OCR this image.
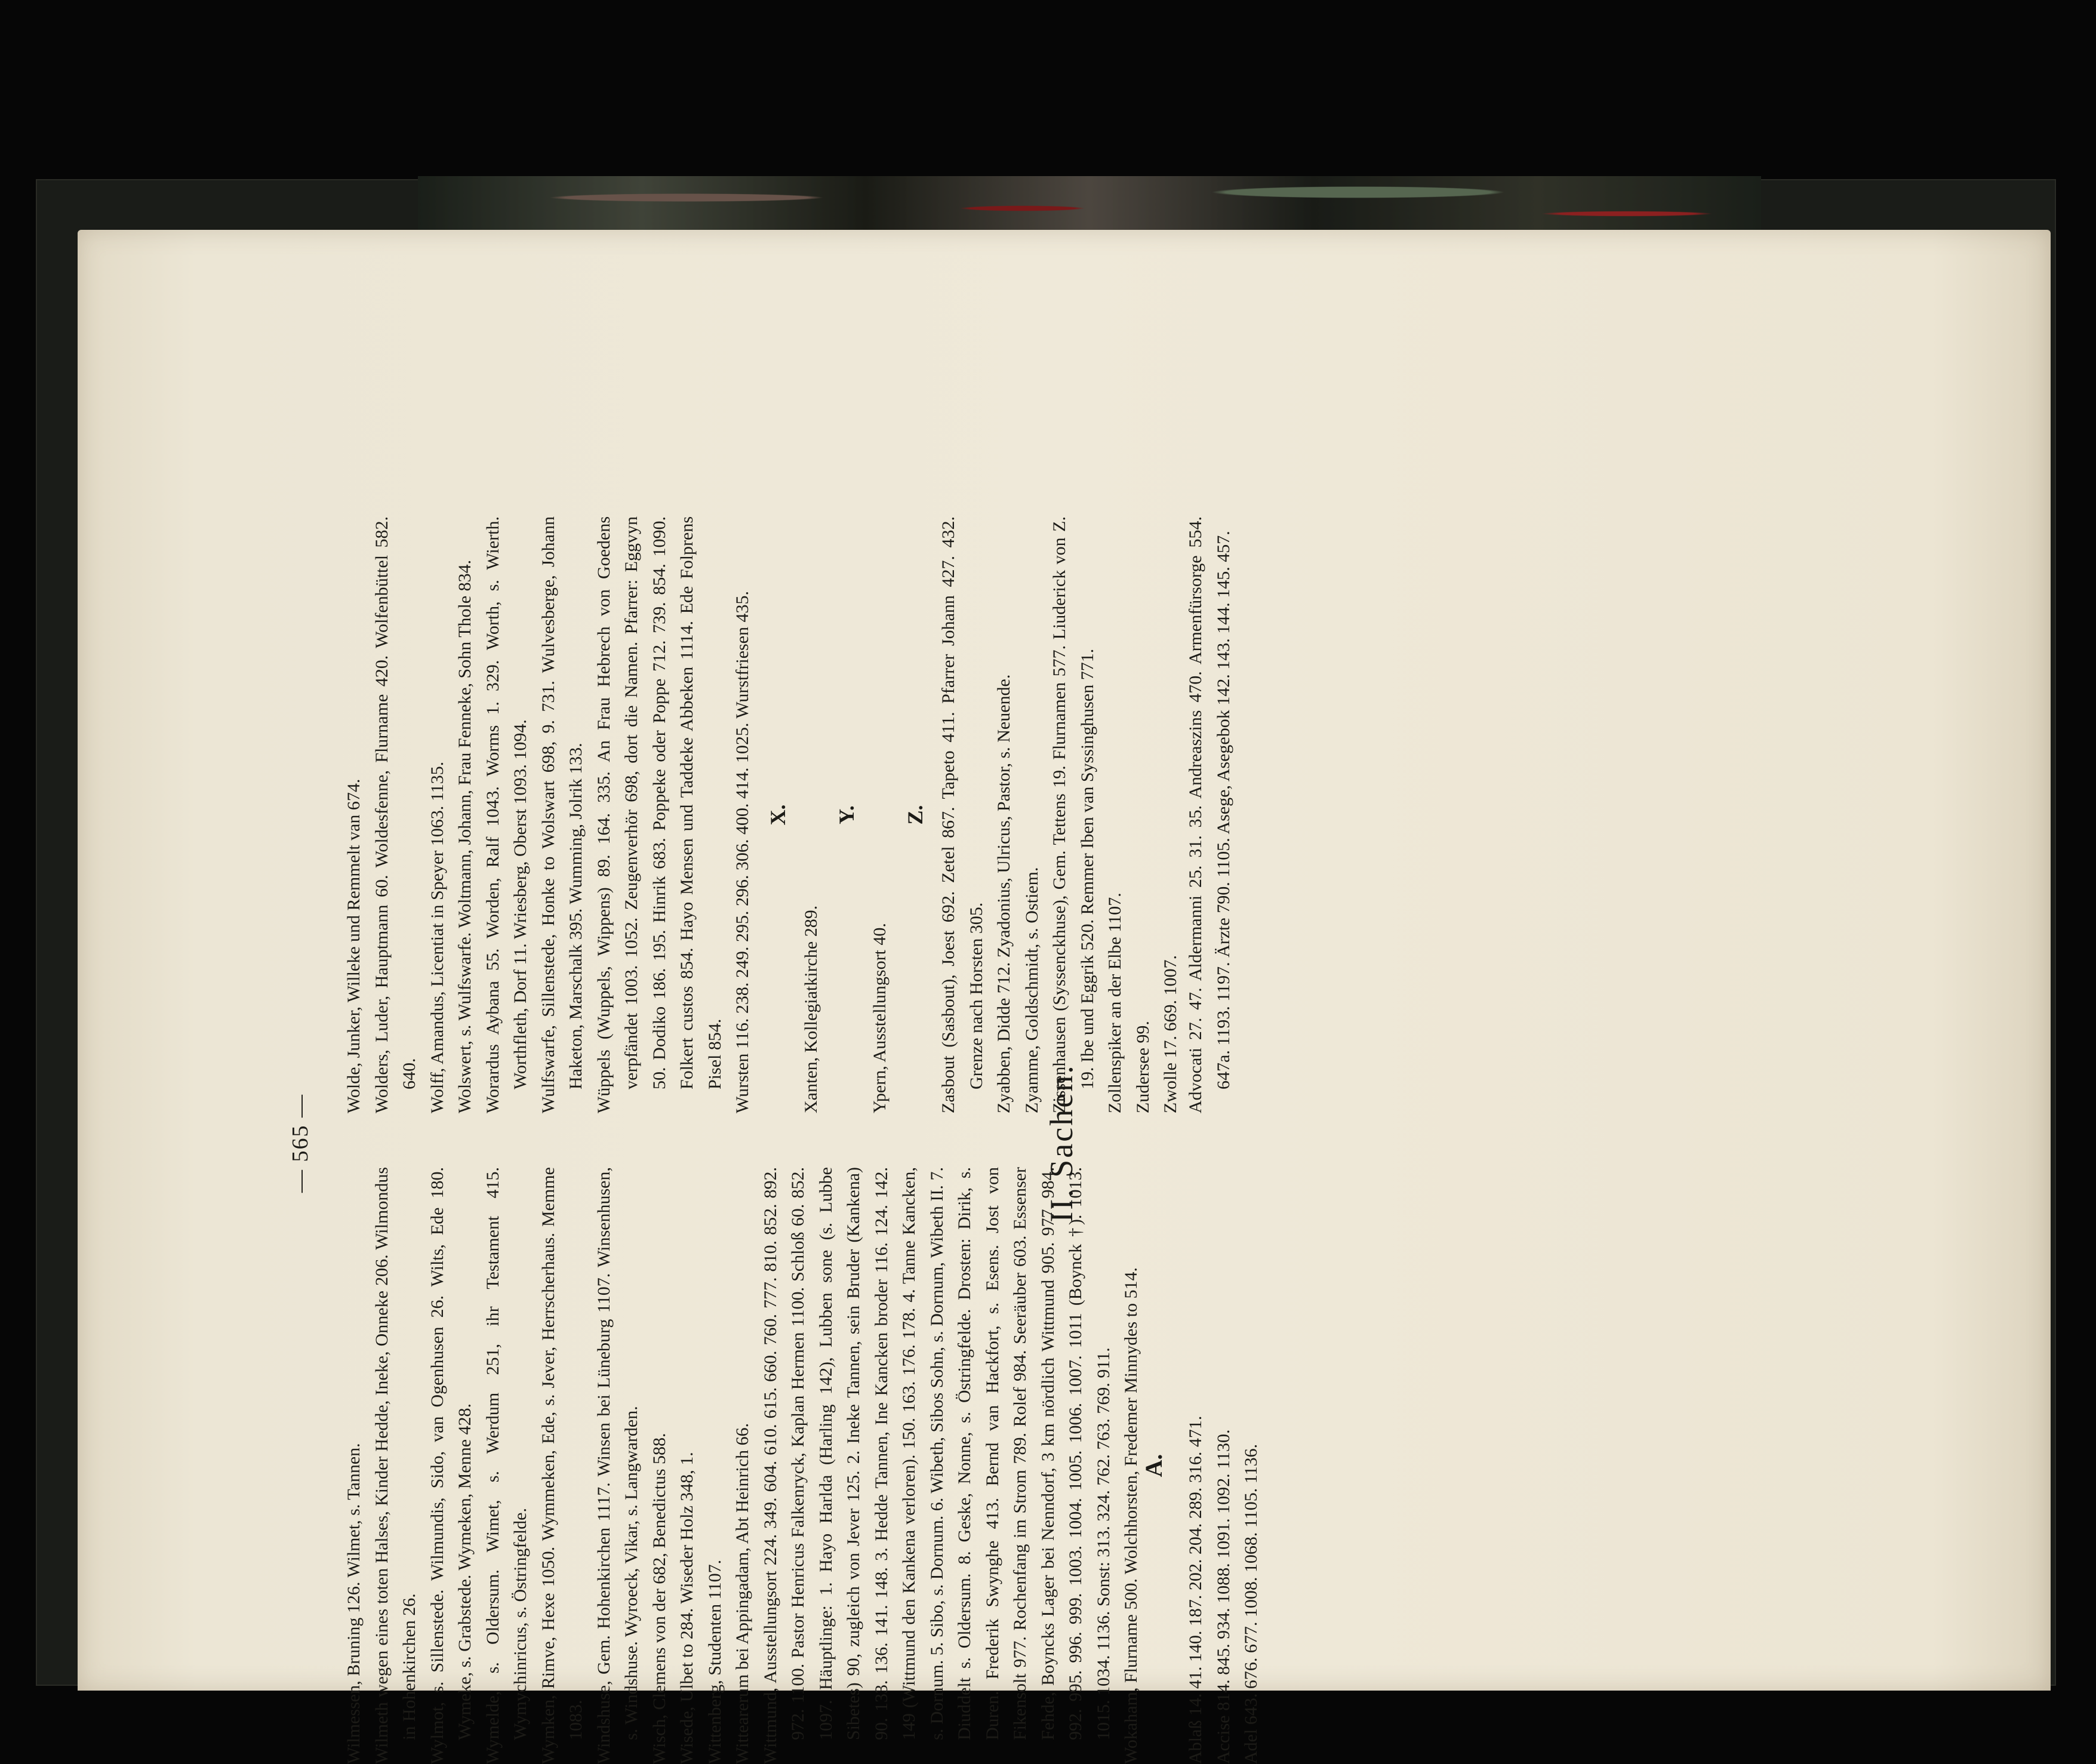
— 565 —
Wilmessen, Bruning 126. Wilmet, s. Tannen. Wilmeth wegen eines toten Halses, Kinder Hedde, Ineke, Onneke 206. Wilmondus in Hohenkirchen 26. Wylmot, s. Sillenstede. Wilmundis, Sido, van Ogenhusen 26. Wilts, Ede 180. Wymeke, s. Grabstede. Wymeken, Menne 428. Wymelde, s. Oldersum. Wimet, s. Werdum 251, ihr Testament 415. Wymychinricus, s. Östringfelde. Wymken, Rimve, Hexe 1050. Wymmeken, Ede, s. Jever, Herrscherhaus. Memme 1083. Windshuse, Gem. Hohenkirchen 1117. Winsen bei Lüneburg 1107. Winsenhusen, s. Windshuse. Wyroeck, Vikar, s. Langwarden. Wisch, Clemens von der 682, Benedictus 588. Wisede, Ulbet to 284. Wiseder Holz 348, 1. Wittenberg, Studenten 1107. Wittearerum bei Appingadam, Abt Heinrich 66. Wittmund, Ausstellungsort 224. 349. 604. 610. 615. 660. 760. 777. 810. 852. 892. 972. 1100. Pastor Henricus Falkenryck, Kaplan Hermen 1100. Schloß 60. 852. 1097. Häuptlinge: 1. Hayo Harlda (Harling 142), Lubben sone (s. Lubbe Sibetes) 90, zugleich von Jever 125. 2. Ineke Tannen, sein Bruder (Kankena) 90. 133. 136. 141. 148. 3. Hedde Tannen, Ine Kancken broder 116. 124. 142. 149 (Wittmund den Kankena verloren). 150. 163. 176. 178. 4. Tanne Kancken, s. Dornum. 5. Sibo, s. Dornum. 6. Wibeth, Sibos Sohn, s. Dornum, Wibeth II. 7. Diuddelt s. Oldersum. 8. Geske, Nonne, s. Östringfelde. Drosten: Dirik, s. Duren. Frederik Swynghe 413. Bernd van Hackfort, s. Esens. Jost von Fikensolt 977. Rochenfang im Strom 789. Rolef 984. Seeräuber 603. Essenser Fehde, Boyncks Lager bei Nenndorf, 3 km nördlich Wittmund 905. 977. 984. 992. 995. 996. 999. 1003. 1004. 1005. 1006. 1007. 1011 (Boynck †). 1013. 1015. 1034. 1136. Sonst: 313. 324. 762. 763. 769. 911. Wokaham, Flurname 500. Wolchhorsten, Fredemer Minnydes to 514.
Wolde, Junker, Willeke und Remmelt van 674. Wolders, Luder, Hauptmann 60. Woldesfenne, Flurname 420. Wolfenbüttel 582. 640. Wolff, Amandus, Licentiat in Speyer 1063. 1135. Wolswert, s. Wulfswarfe. Woltmann, Johann, Frau Fenneke, Sohn Thole 834. Worardus Aybana 55. Worden, Ralf 1043. Worms 1. 329. Worth, s. Wierth. Worthfleth, Dorf 11. Wriesberg, Oberst 1093. 1094. Wulfswarfe, Sillenstede, Honke to Wolswart 698, 9. 731. Wulvesberge, Johann Haketon, Marschalk 395. Wumming, Jolrik 133. Wüppels (Wuppels, Wippens) 89. 164. 335. An Frau Hebrech von Goedens verpfändet 1003. 1052. Zeugenverhör 698, dort die Namen. Pfarrer: Eggvyn 50. Dodiko 186. 195. Hinrik 683. Poppeke oder Poppe 712. 739. 854. 1090. Folkert custos 854. Hayo Mensen und Taddeke Abbeken 1114. Ede Folprens Pisel 854. Wursten 116. 238. 249. 295. 296. 306. 400. 414. 1025. Wurstfriesen 435. X.
Xanten, Kollegiatkirche 289.
Y.
Ypern, Ausstellungsort 40.
Z. Zasbout (Sasbout), Joest 692. Zetel 867. Tapeto 411. Pfarrer Johann 427. 432. Grenze nach Horsten 305. Zyabben, Didde 712. Zyadonius, Ulricus, Pastor, s. Neuende. Zyamme, Goldschmidt, s. Ostiem. Zissenhausen (Syssenckhuse), Gem. Tettens 19. Flurnamen 577. Liuderick von Z. 19. Ibe und Eggrik 520. Remmer Iben van Syssinghusen 771. Zollenspiker an der Elbe 1107. Zudersee 99. Zwolle 17. 669. 1007.
II. Sachen.
A. Ablaß 14. 41. 140. 187. 202. 204. 289. 316. 471. Accise 814. 845. 934. 1088. 1091. 1092. 1130. Adel 643. 676. 677. 1008. 1068. 1105. 1136.
Advocati 27. 47. Aldermanni 25. 31. 35. Andreaszins 470. Armenfürsorge 554. 647a. 1193. 1197. Ärzte 790. 1105. Asege, Asegebok 142. 143. 144. 145. 457.
